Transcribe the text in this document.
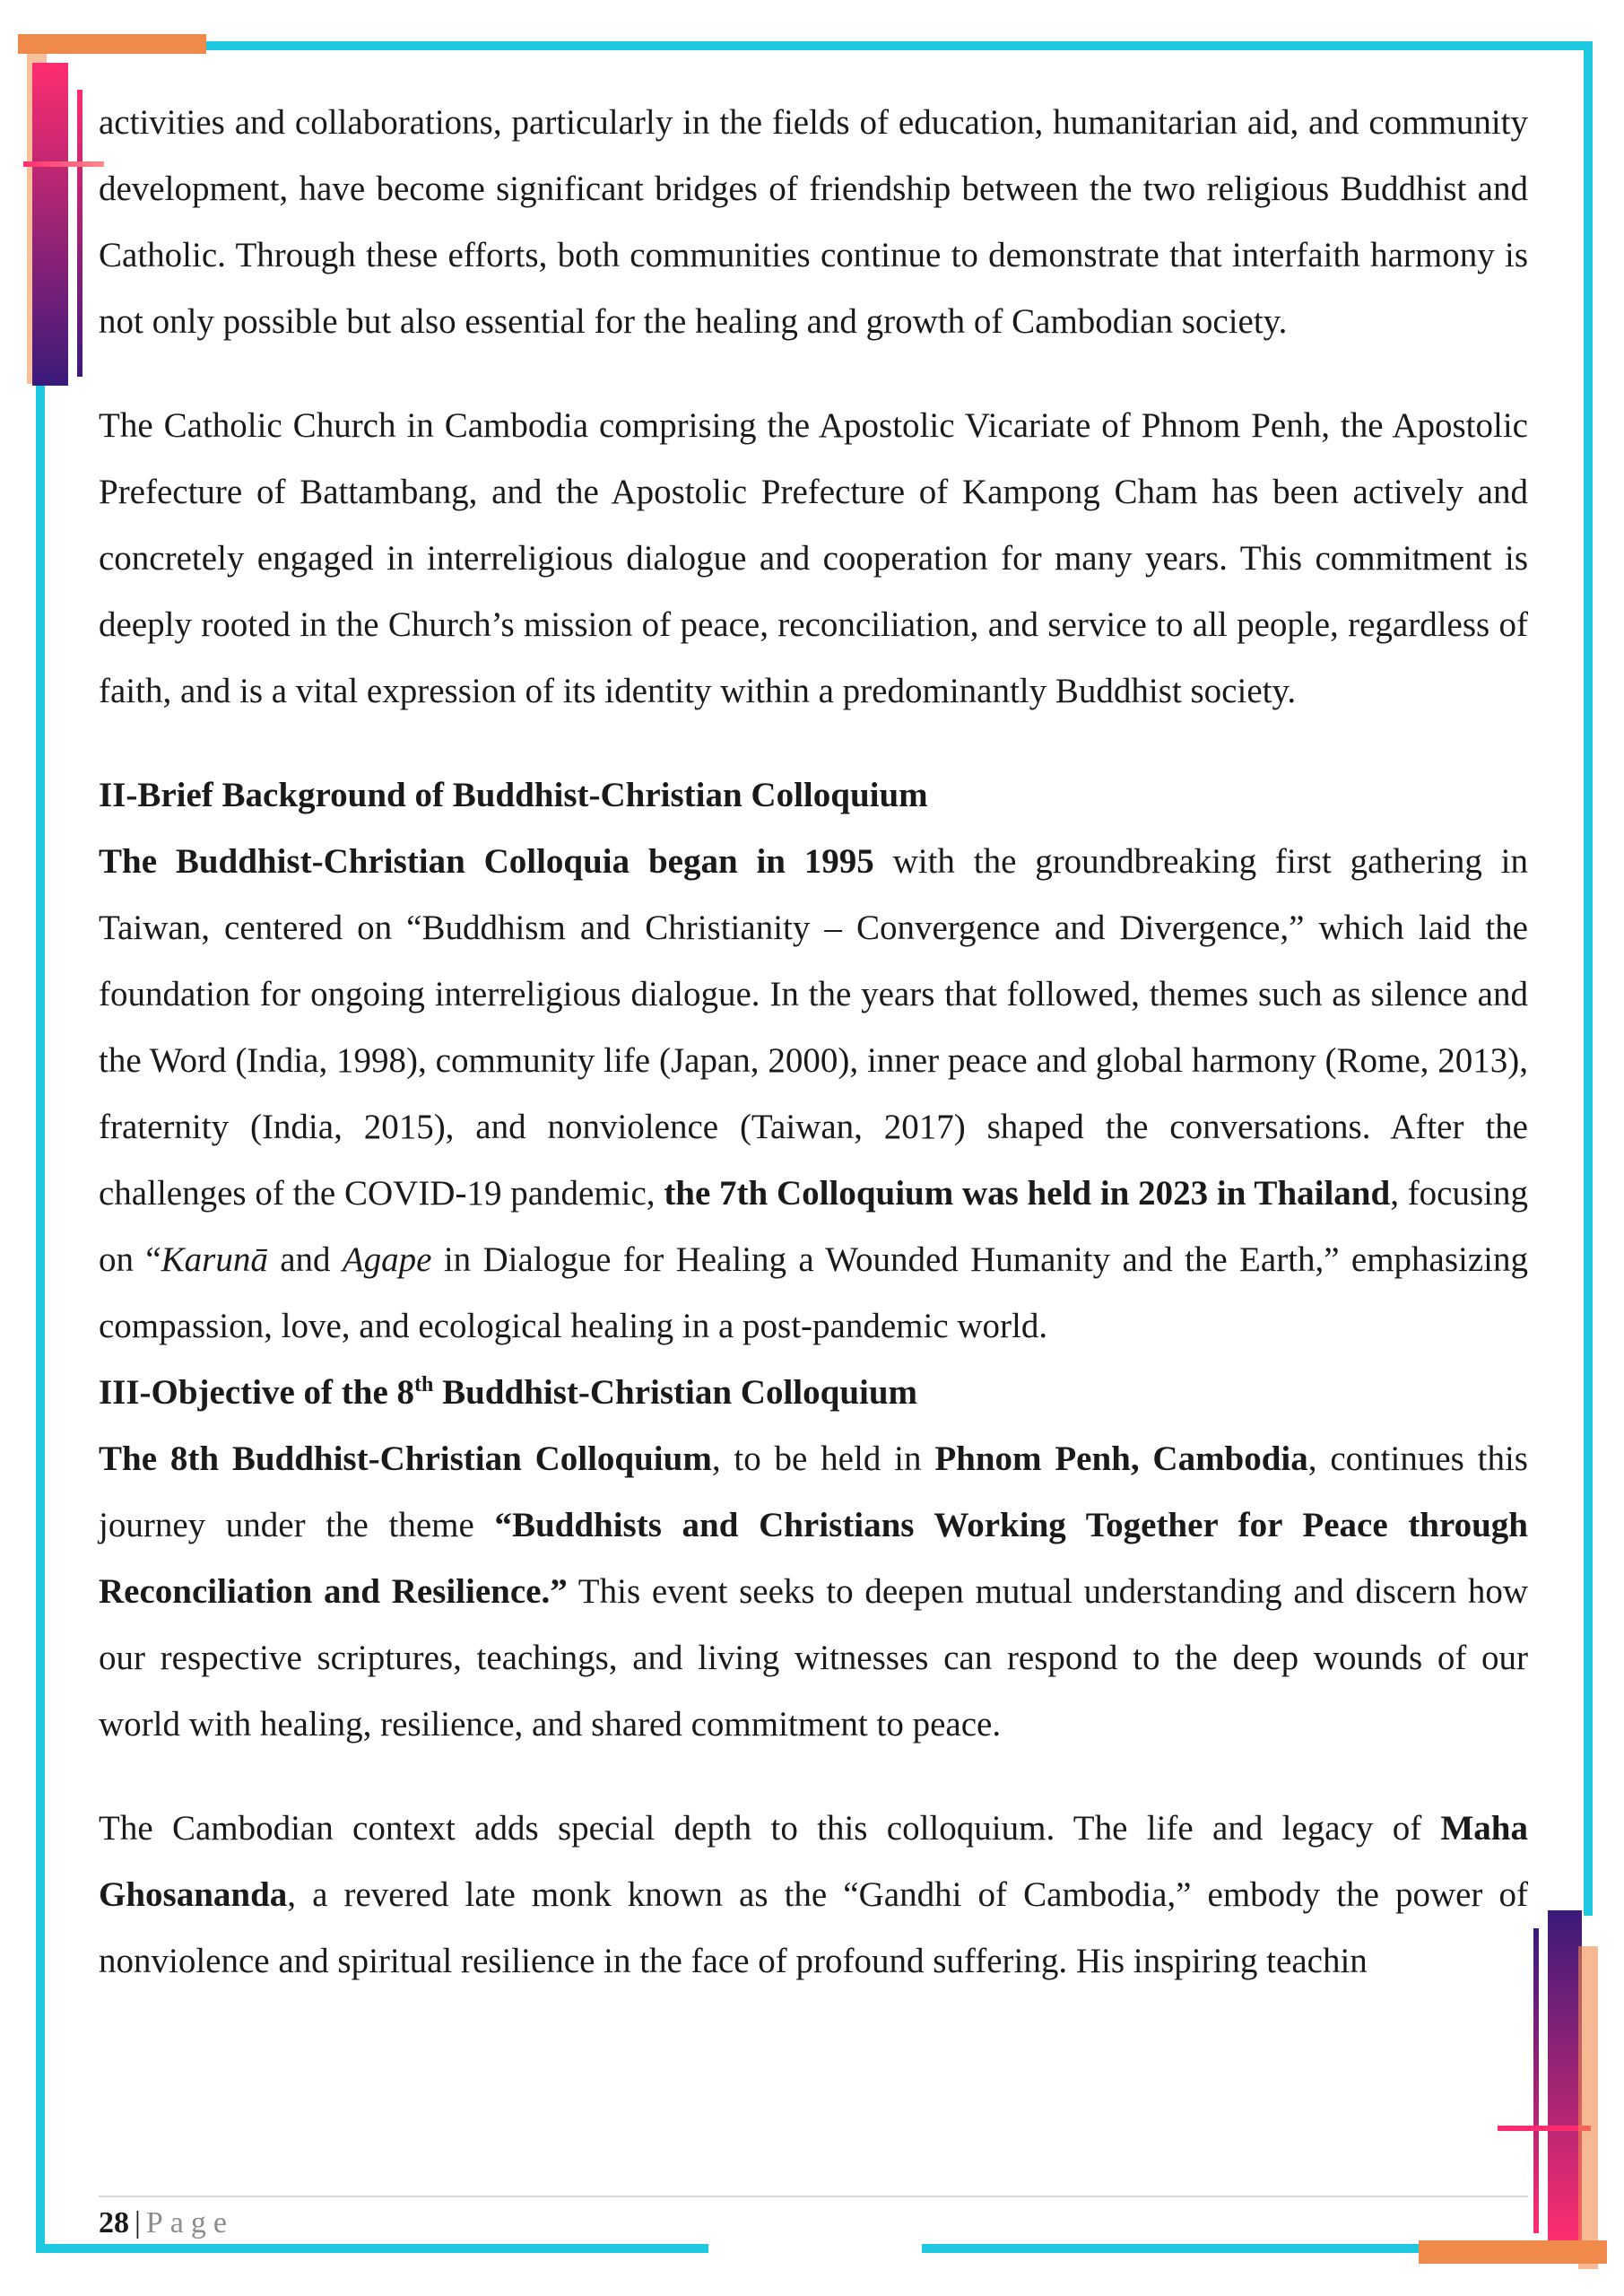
activities and collaborations, particularly in the fields of education, humanitarian aid, and community development, have become significant bridges of friendship between the two religious Buddhist and Catholic. Through these efforts, both communities continue to demonstrate that interfaith harmony is not only possible but also essential for the healing and growth of Cambodian society.

The Catholic Church in Cambodia comprising the Apostolic Vicariate of Phnom Penh, the Apostolic Prefecture of Battambang, and the Apostolic Prefecture of Kampong Cham has been actively and concretely engaged in interreligious dialogue and cooperation for many years. This commitment is deeply rooted in the Church’s mission of peace, reconciliation, and service to all people, regardless of faith, and is a vital expression of its identity within a predominantly Buddhist society.

II-Brief Background of Buddhist-Christian Colloquium

The Buddhist-Christian Colloquia began in 1995 with the groundbreaking first gathering in Taiwan, centered on “Buddhism and Christianity – Convergence and Divergence,” which laid the foundation for ongoing interreligious dialogue. In the years that followed, themes such as silence and the Word (India, 1998), community life (Japan, 2000), inner peace and global harmony (Rome, 2013), fraternity (India, 2015), and nonviolence (Taiwan, 2017) shaped the conversations. After the challenges of the COVID-19 pandemic, the 7th Colloquium was held in 2023 in Thailand, focusing on “Karunā and Agape in Dialogue for Healing a Wounded Humanity and the Earth,” emphasizing compassion, love, and ecological healing in a post-pandemic world.

III-Objective of the 8th Buddhist-Christian Colloquium

The 8th Buddhist-Christian Colloquium, to be held in Phnom Penh, Cambodia, continues this journey under the theme “Buddhists and Christians Working Together for Peace through Reconciliation and Resilience.” This event seeks to deepen mutual understanding and discern how our respective scriptures, teachings, and living witnesses can respond to the deep wounds of our world with healing, resilience, and shared commitment to peace.

The Cambodian context adds special depth to this colloquium. The life and legacy of Maha Ghosananda, a revered late monk known as the “Gandhi of Cambodia,” embody the power of nonviolence and spiritual resilience in the face of profound suffering. His inspiring teachin

28 | Page
